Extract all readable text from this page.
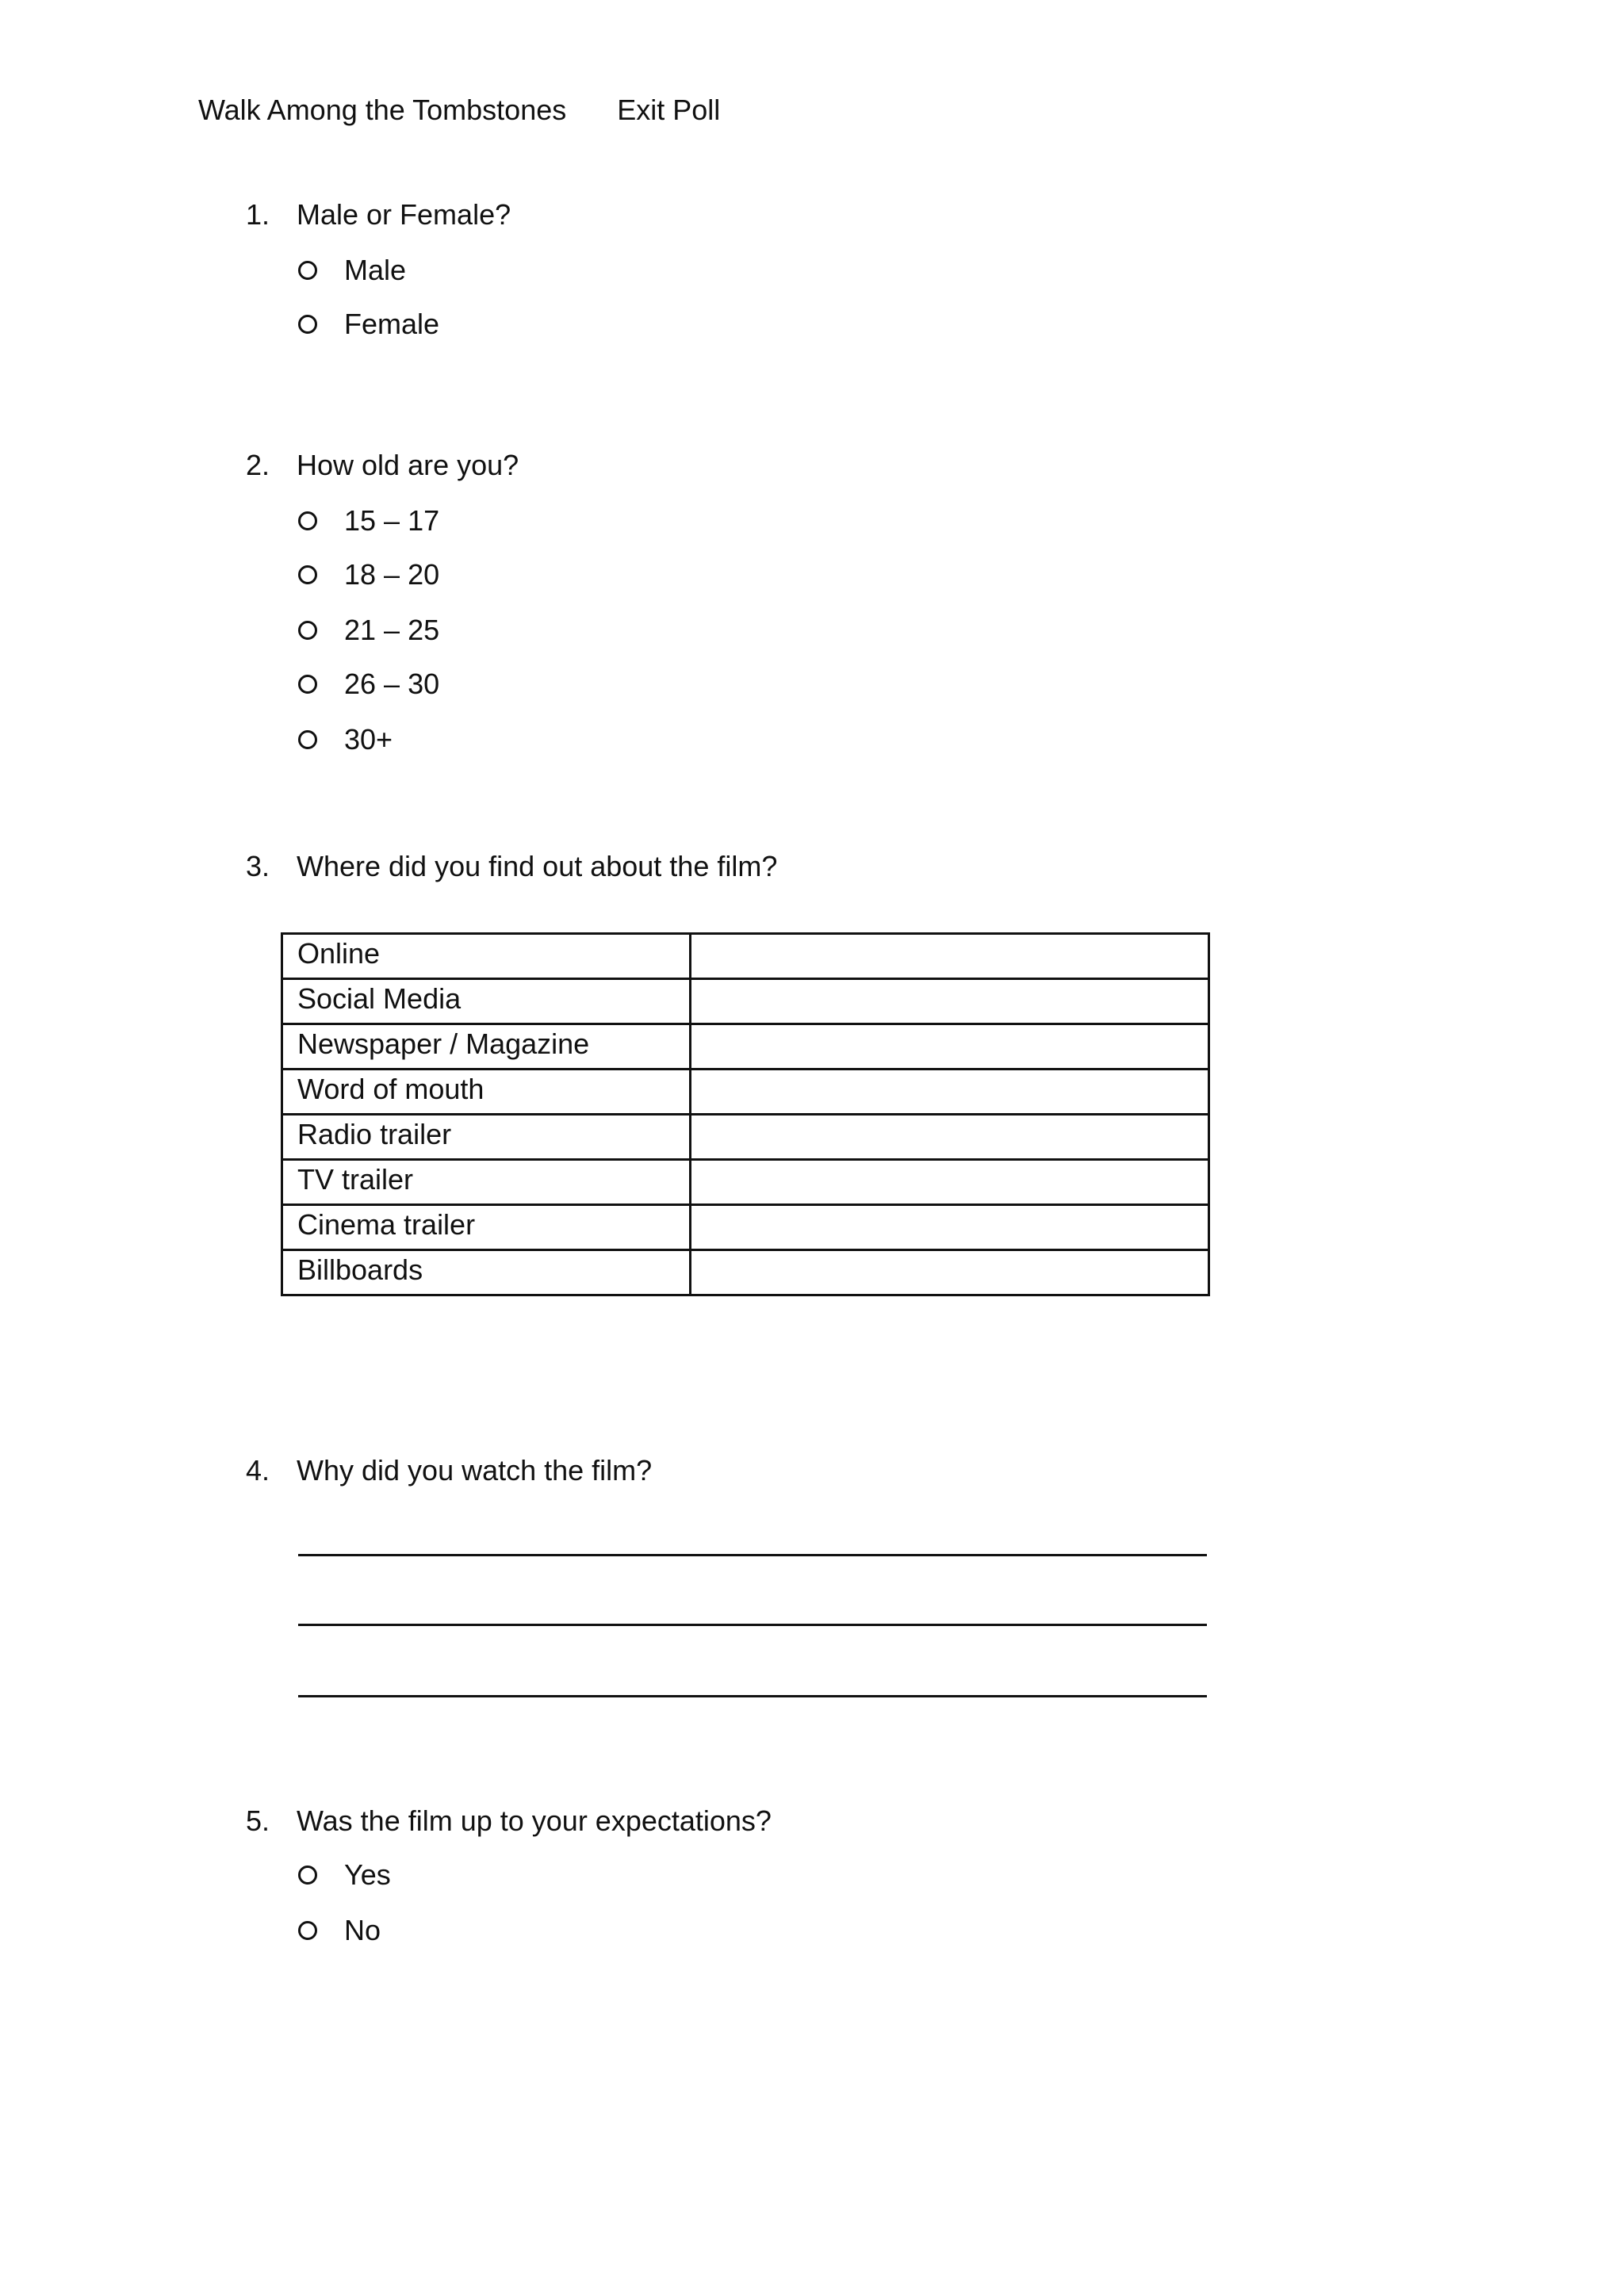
Walk Among the Tombstones Exit Poll
1. Male or Female?
Male
Female
2. How old are you?
15 – 17
18 – 20
21 – 25
26 – 30
30+
3. Where did you find out about the film?
Online	
Social Media	
Newspaper / Magazine	
Word of mouth	
Radio trailer	
TV trailer	
Cinema trailer	
Billboards	
4. Why did you watch the film?
5. Was the film up to your expectations?
Yes
No
